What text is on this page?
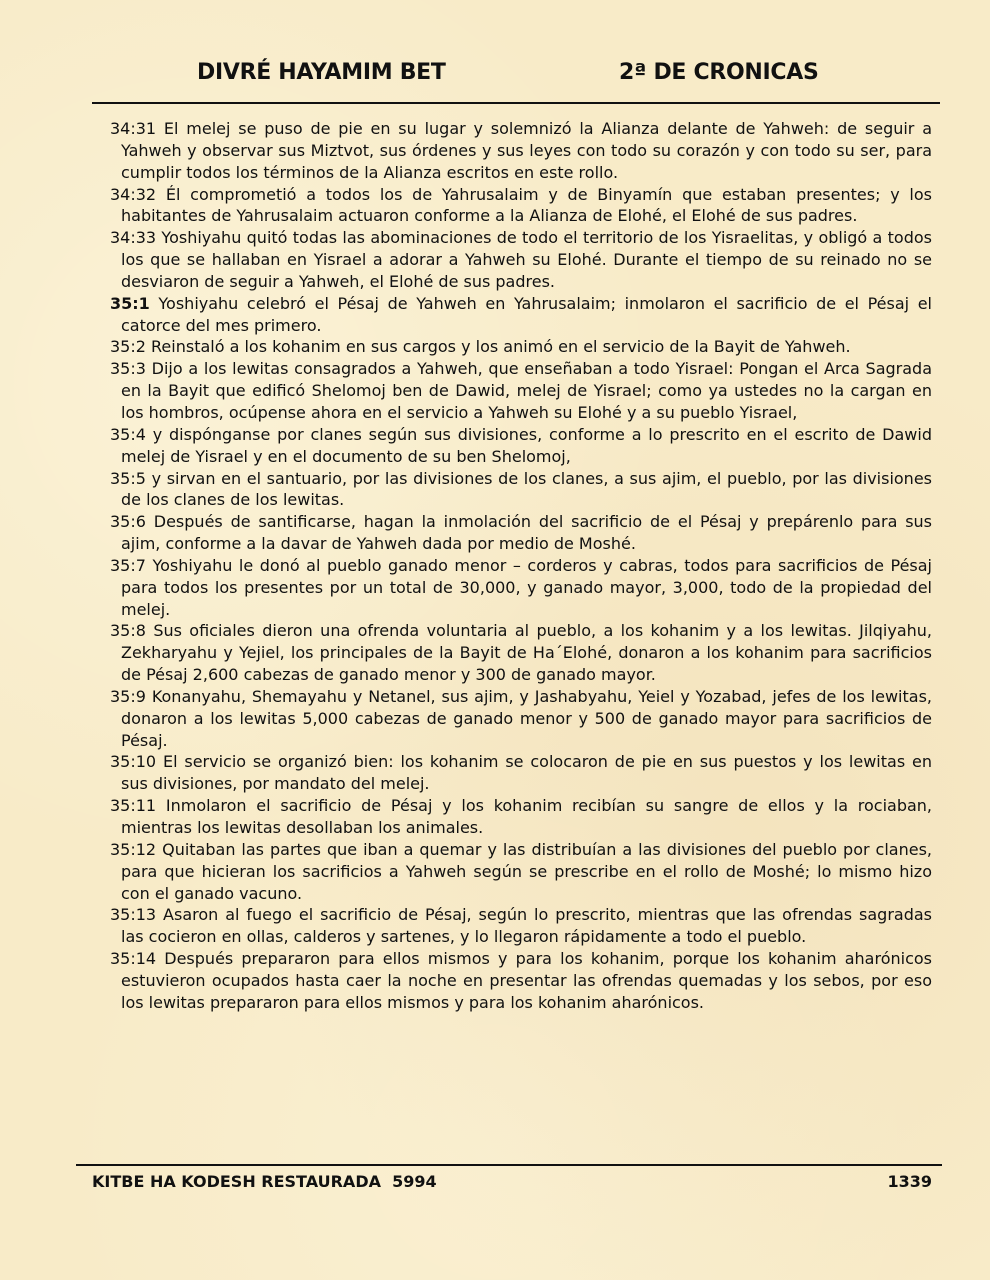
DIVRÉ HAYAMIM BET	2ª DE CRONICAS

34:31 El melej se puso de pie en su lugar y solemnizó la Alianza delante de Yahweh: de seguir a Yahweh y observar sus Miztvot, sus órdenes y sus leyes con todo su corazón y con todo su ser, para cumplir todos los términos de la Alianza escritos en este rollo.

34:32 Él comprometió a todos los de Yahrusalaim y de Binyamín que estaban presentes; y los habitantes de Yahrusalaim actuaron conforme a la Alianza de Elohé, el Elohé de sus padres.

34:33 Yoshiyahu quitó todas las abominaciones de todo el territorio de los Yisraelitas, y obligó a todos los que se hallaban en Yisrael a adorar a Yahweh su Elohé. Durante el tiempo de su reinado no se desviaron de seguir a Yahweh, el Elohé de sus padres.

35:1 Yoshiyahu celebró el Pésaj de Yahweh en Yahrusalaim; inmolaron el sacrificio de el Pésaj el catorce del mes primero.

35:2 Reinstaló a los kohanim en sus cargos y los animó en el servicio de la Bayit de Yahweh.

35:3 Dijo a los lewitas consagrados a Yahweh, que enseñaban a todo Yisrael: Pongan el Arca Sagrada en la Bayit que edificó Shelomoj ben de Dawid, melej de Yisrael; como ya ustedes no la cargan en los hombros, ocúpense ahora en el servicio a Yahweh su Elohé y a su pueblo Yisrael,

35:4 y dispónganse por clanes según sus divisiones, conforme a lo prescrito en el escrito de Dawid melej de Yisrael y en el documento de su ben Shelomoj,

35:5 y sirvan en el santuario, por las divisiones de los clanes, a sus ajim, el pueblo, por las divisiones de los clanes de los lewitas.

35:6 Después de santificarse, hagan la inmolación del sacrificio de el Pésaj y prepárenlo para sus ajim, conforme a la davar de Yahweh dada por medio de Moshé.

35:7 Yoshiyahu le donó al pueblo ganado menor – corderos y cabras, todos para sacrificios de Pésaj para todos los presentes por un total de 30,000, y ganado mayor, 3,000, todo de la propiedad del melej.

35:8 Sus oficiales dieron una ofrenda voluntaria al pueblo, a los kohanim y a los lewitas. Jilqiyahu, Zekharyahu y Yejiel, los principales de la Bayit de Ha´Elohé, donaron a los kohanim para sacrificios de Pésaj 2,600 cabezas de ganado menor y 300 de ganado mayor.

35:9 Konanyahu, Shemayahu y Netanel, sus ajim, y Jashabyahu, Yeiel y Yozabad, jefes de los lewitas, donaron a los lewitas 5,000 cabezas de ganado menor y 500 de ganado mayor para sacrificios de Pésaj.

35:10 El servicio se organizó bien: los kohanim se colocaron de pie en sus puestos y los lewitas en sus divisiones, por mandato del melej.

35:11 Inmolaron el sacrificio de Pésaj y los kohanim recibían su sangre de ellos y la rociaban, mientras los lewitas desollaban los animales.

35:12 Quitaban las partes que iban a quemar y las distribuían a las divisiones del pueblo por clanes, para que hicieran los sacrificios a Yahweh según se prescribe en el rollo de Moshé; lo mismo hizo con el ganado vacuno.

35:13 Asaron al fuego el sacrificio de Pésaj, según lo prescrito, mientras que las ofrendas sagradas las cocieron en ollas, calderos y sartenes, y lo llegaron rápidamente a todo el pueblo.

35:14 Después prepararon para ellos mismos y para los kohanim, porque los kohanim aharónicos estuvieron ocupados hasta caer la noche en presentar las ofrendas quemadas y los sebos, por eso los lewitas prepararon para ellos mismos y para los kohanim aharónicos.

KITBE HA KODESH RESTAURADA  5994	1339
